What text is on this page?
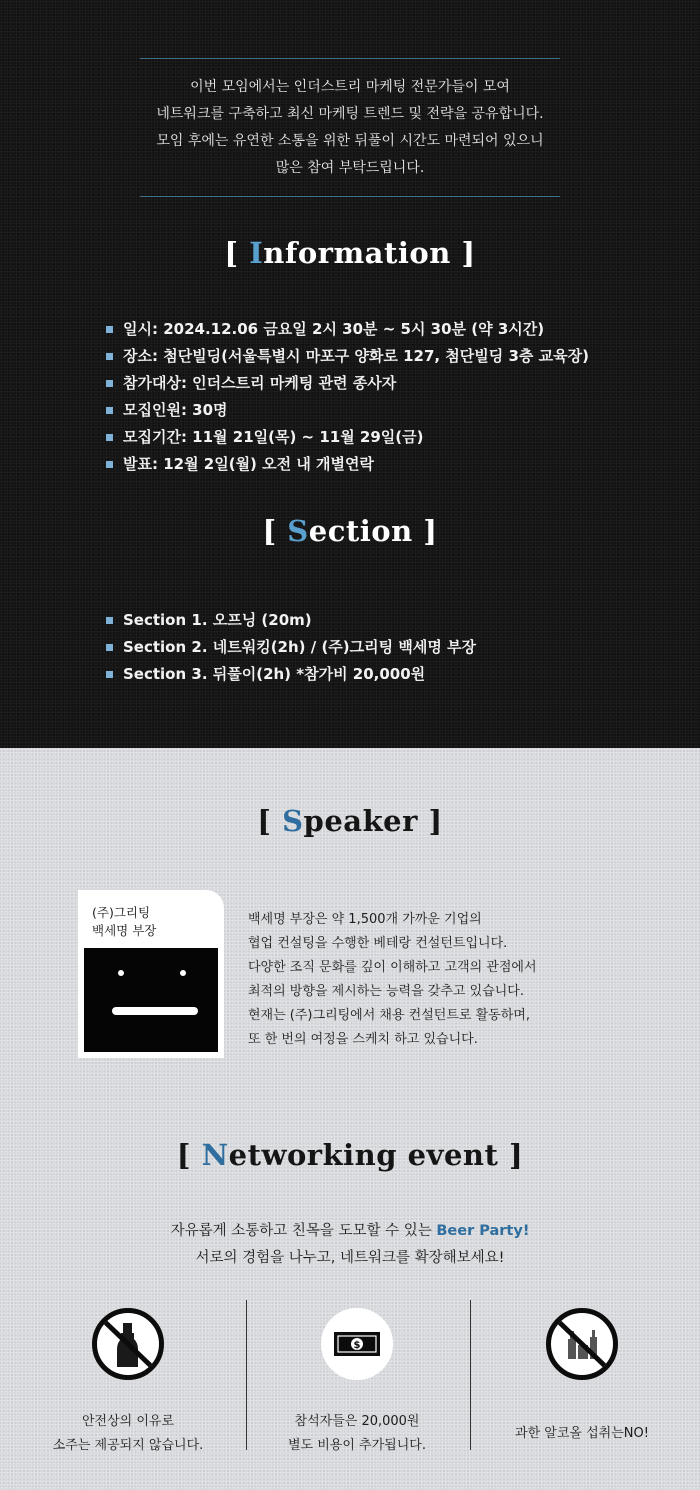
이번 모임에서는 인더스트리 마케팅 전문가들이 모여

네트워크를 구축하고 최신 마케팅 트렌드 및 전략을 공유합니다.

모임 후에는 유연한 소통을 위한 뒤풀이 시간도 마련되어 있으니

많은 참여 부탁드립니다.

[ Information ]
일시: 2024.12.06 금요일 2시 30분 ~ 5시 30분 (약 3시간)
장소: 첨단빌딩(서울특별시 마포구 양화로 127, 첨단빌딩 3층 교육장)
참가대상: 인더스트리 마케팅 관련 종사자
모집인원: 30명
모집기간: 11월 21일(목) ~ 11월 29일(금)
발표: 12월 2일(월) 오전 내 개별연락
[ Section ]
Section 1. 오프닝 (20m)
Section 2. 네트워킹(2h) / (주)그리팅 백세명 부장
Section 3. 뒤풀이(2h) *참가비 20,000원
[ Speaker ]

(주)그리팅

백세명 부장

백세명 부장은 약 1,500개 가까운 기업의

협업 컨설팅을 수행한 베테랑 컨설턴트입니다.

다양한 조직 문화를 깊이 이해하고 고객의 관점에서

최적의 방향을 제시하는 능력을 갖추고 있습니다.

현재는 (주)그리팅에서 채용 컨설턴트로 활동하며,

또 한 번의 여정을 스케치 하고 있습니다.

[ Networking event ]

자유롭게 소통하고 친목을 도모할 수 있는 Beer Party!

서로의 경험을 나누고, 네트워크를 확장해보세요!

안전상의 이유로

소주는 제공되지 않습니다.

$

참석자들은 20,000원

별도 비용이 추가됩니다.

과한 알코올 섭취는NO!
